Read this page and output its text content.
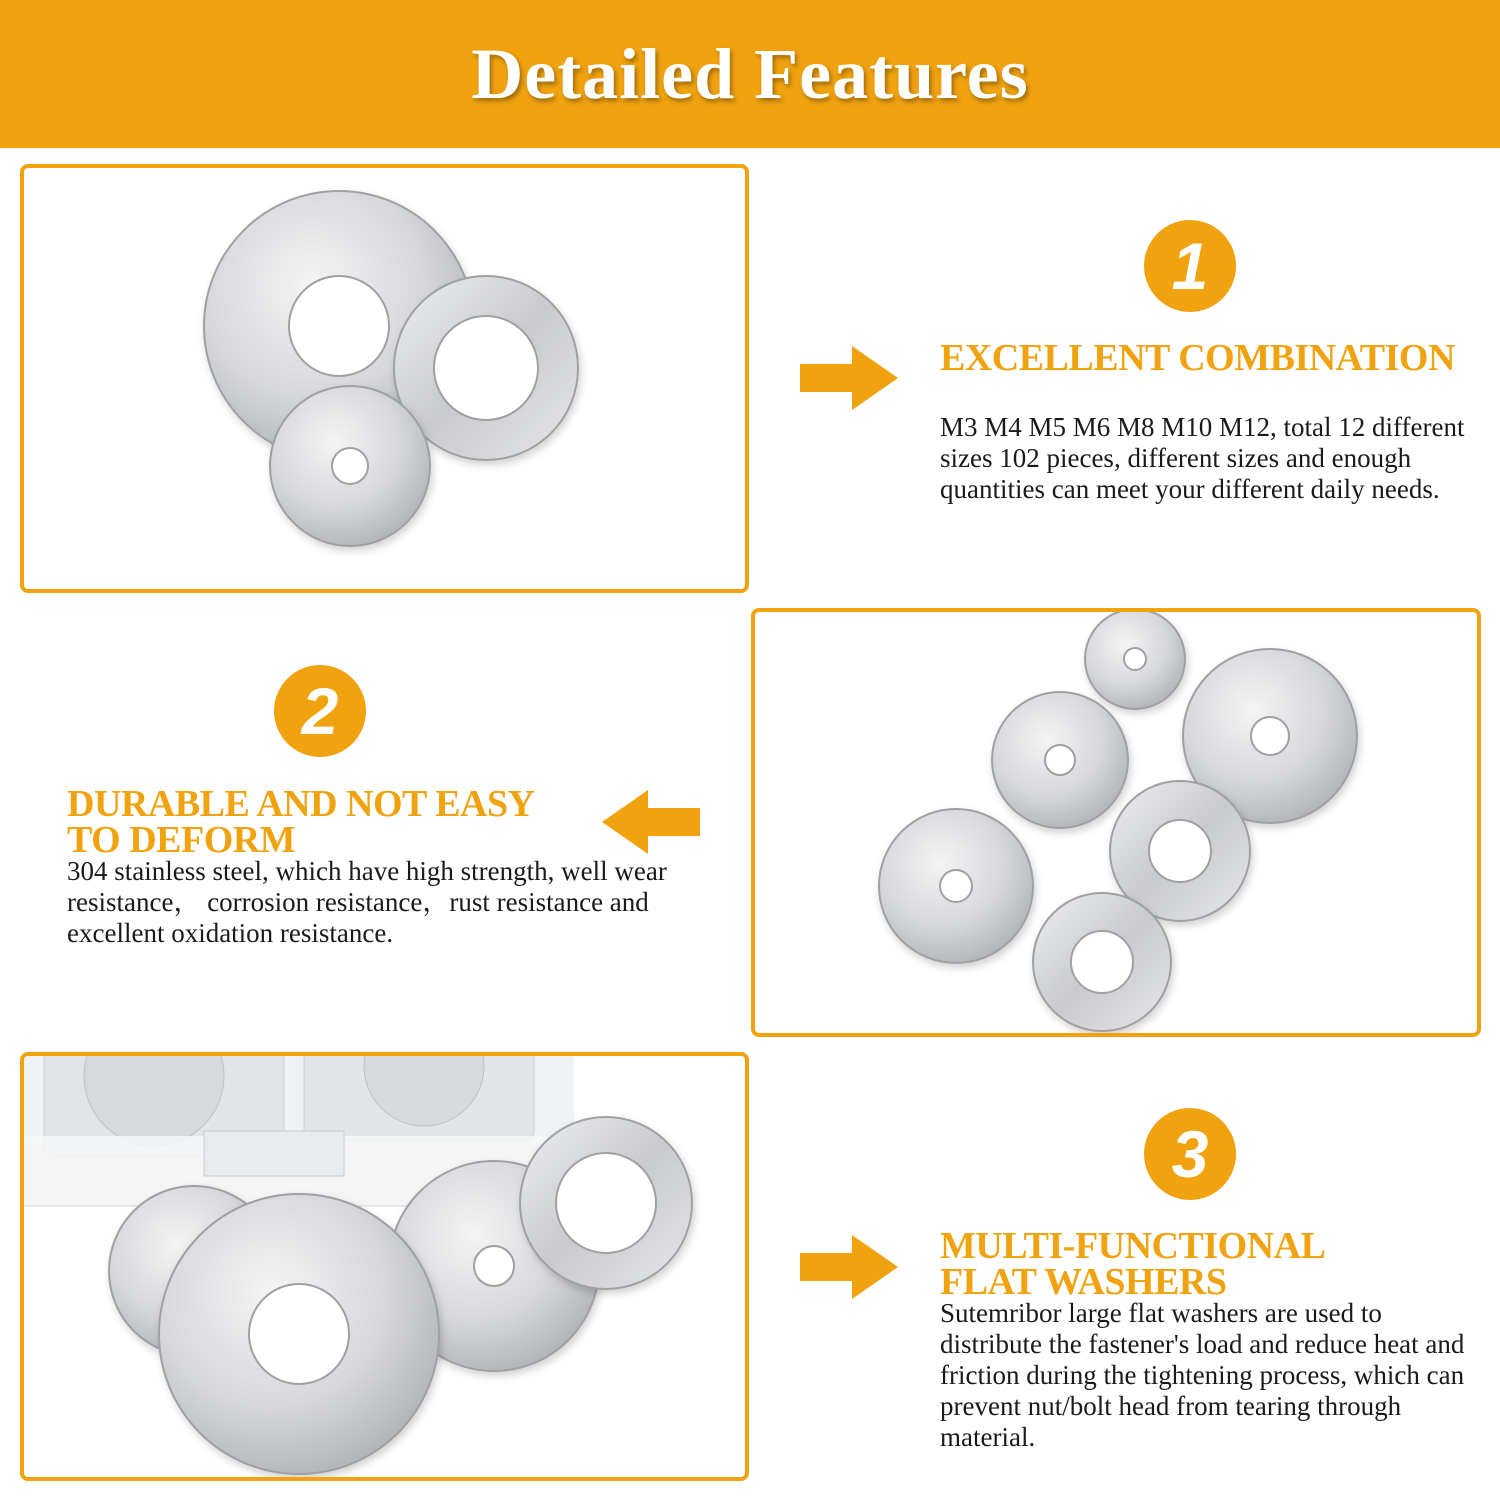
Detailed Features
1
EXCELLENT COMBINATION
M3 M4 M5 M6 M8 M10 M12, total 12 different sizes 102 pieces, different sizes and enough quantities can meet your different daily needs.
2
DURABLE AND NOT EASY
TO DEFORM
304 stainless steel, which have high strength, well wear resistance， corrosion resistance，rust resistance and excellent oxidation resistance.
3
MULTI-FUNCTIONAL
FLAT WASHERS
Sutemribor large flat washers are used to distribute the fastener's load and reduce heat and friction during the tightening process, which can prevent nut/bolt head from tearing through material.
